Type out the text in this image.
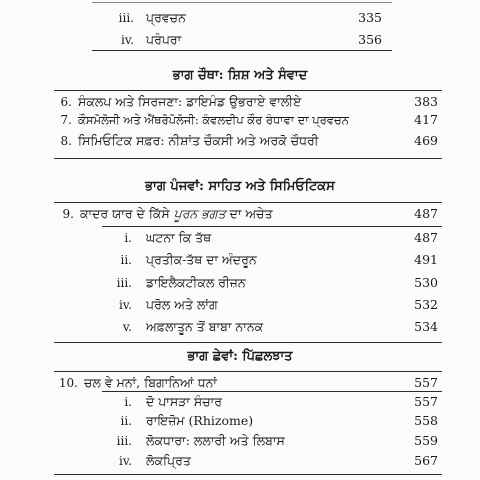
iii. ਪ੍ਰਵਚਨ	335
iv. ਪਰੰਪਰਾ	356
ਭਾਗ ਚੌਥਾ: ਸ਼ਿਸ਼ ਅਤੇ ਸੰਵਾਦ
6. ਸੰਕਲਪ ਅਤੇ ਸਿਰਜਣਾ: ਡਾਇਮੰਡ ਉਭਰਾਏ ਵਾਲੀਏ	383
7. ਕੌਸਮੋਲੋਜੀ ਅਤੇ ਐਂਥਰੋਪੋਲੋਜੀ: ਕੰਵਲਦੀਪ ਕੌਰ ਰੰਧਾਵਾ ਦਾ ਪ੍ਰਵਚਨ	417
8. ਸਿਮਿਓਟਿਕ ਸਫ਼ਰ: ਨੀਸ਼ਾਂਤ ਚੌਕਸੀ ਅਤੇ ਅਰਕੋ ਚੌਧਰੀ	469
ਭਾਗ ਪੰਜਵਾਂ: ਸਾਹਿਤ ਅਤੇ ਸਿਮਿਓਟਿਕਸ
9. ਕਾਦਰ ਯਾਰ ਦੇ ਕਿੱਸੇ ਪੂਰਨ ਭਗਤ ਦਾ ਅਚੇਤ	487
i. ਘਟਨਾ ਕਿ ਤੱਥ	487
ii. ਪ੍ਰਤੀਕ-ਤੱਥ ਦਾ ਅੰਦਰੂਨ	491
iii. ਡਾਇਲੈਕਟੀਕਲ ਰੀਜ਼ਨ	530
iv. ਪਰੋਲ ਅਤੇ ਲਾਂਗ	532
v. ਅਫ਼ਲਾਤੂਨ ਤੋਂ ਬਾਬਾ ਨਾਨਕ	534
ਭਾਗ ਛੇਵਾਂ: ਪਿੱਛਲਝਾਤ
10. ਚਲ ਵੇ ਮਨਾਂ, ਬਿਗਾਨਿਆਂ ਧਨਾਂ	557
i. ਦੋ ਪਾਸੜਾ ਸੰਚਾਰ	557
ii. ਰਾਇਜ਼ੋਮ (Rhizome)	558
iii. ਲੋਕਧਾਰਾ: ਲਲਾਰੀ ਅਤੇ ਲਿਬਾਸ	559
iv. ਲੋਕਪ੍ਰਿਤ	567
